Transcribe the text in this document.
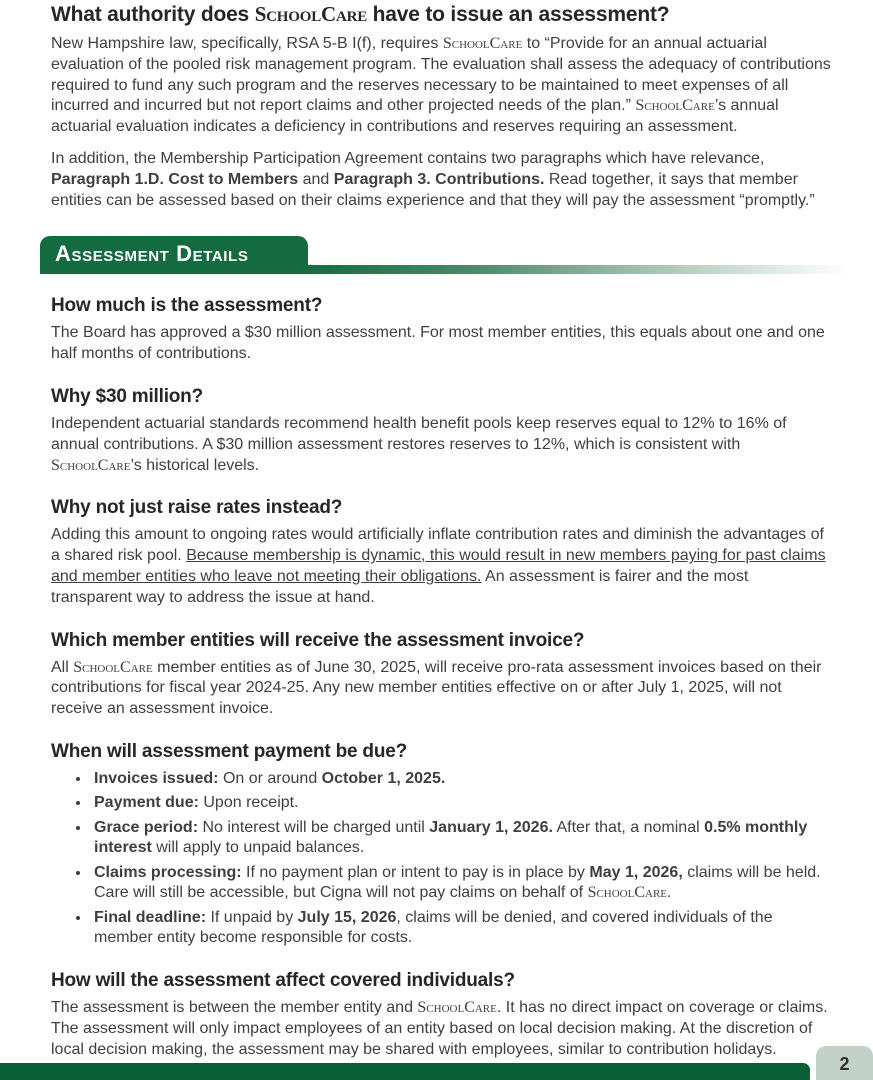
What authority does SchoolCare have to issue an assessment?

New Hampshire law, specifically, RSA 5-B I(f), requires SchoolCare to “Provide for an annual actuarial evaluation of the pooled risk management program. The evaluation shall assess the adequacy of contributions required to fund any such program and the reserves necessary to be maintained to meet expenses of all incurred and incurred but not report claims and other projected needs of the plan.” SchoolCare’s annual actuarial evaluation indicates a deficiency in contributions and reserves requiring an assessment.

In addition, the Membership Participation Agreement contains two paragraphs which have relevance, Paragraph 1.D. Cost to Members and Paragraph 3. Contributions. Read together, it says that member entities can be assessed based on their claims experience and that they will pay the assessment “promptly.”

Assessment Details
How much is the assessment?

The Board has approved a $30 million assessment. For most member entities, this equals about one and one half months of contributions.

Why $30 million?

Independent actuarial standards recommend health benefit pools keep reserves equal to 12% to 16% of annual contributions. A $30 million assessment restores reserves to 12%, which is consistent with SchoolCare’s historical levels.

Why not just raise rates instead?

Adding this amount to ongoing rates would artificially inflate contribution rates and diminish the advantages of a shared risk pool. Because membership is dynamic, this would result in new members paying for past claims and member entities who leave not meeting their obligations. An assessment is fairer and the most transparent way to address the issue at hand.

Which member entities will receive the assessment invoice?

All SchoolCare member entities as of June 30, 2025, will receive pro-rata assessment invoices based on their contributions for fiscal year 2024-25. Any new member entities effective on or after July 1, 2025, will not receive an assessment invoice.

When will assessment payment be due?
• Invoices issued: On or around October 1, 2025.
• Payment due: Upon receipt.
• Grace period: No interest will be charged until January 1, 2026. After that, a nominal 0.5% monthly interest will apply to unpaid balances.
• Claims processing: If no payment plan or intent to pay is in place by May 1, 2026, claims will be held. Care will still be accessible, but Cigna will not pay claims on behalf of SchoolCare.
• Final deadline: If unpaid by July 15, 2026, claims will be denied, and covered individuals of the member entity become responsible for costs.
How will the assessment affect covered individuals?

The assessment is between the member entity and SchoolCare. It has no direct impact on coverage or claims. The assessment will only impact employees of an entity based on local decision making. At the discretion of local decision making, the assessment may be shared with employees, similar to contribution holidays.

2
